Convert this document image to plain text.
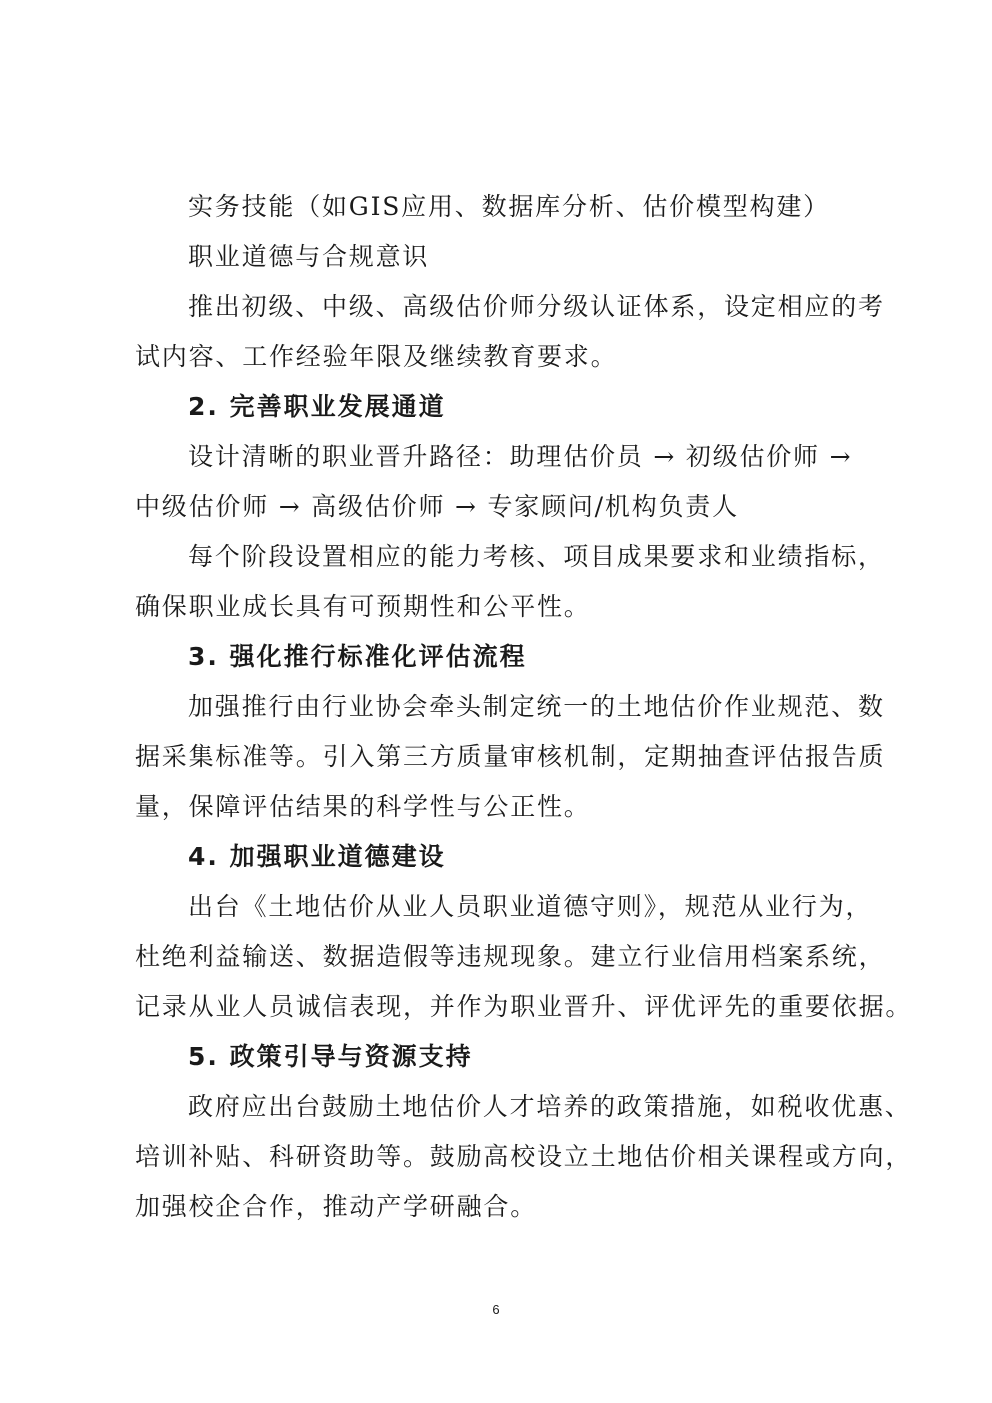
实务技能（如GIS应用、数据库分析、估价模型构建）
职业道德与合规意识
推出初级、中级、高级估价师分级认证体系，设定相应的考
试内容、工作经验年限及继续教育要求。
2. 完善职业发展通道
设计清晰的职业晋升路径：助理估价员 → 初级估价师 →
中级估价师 → 高级估价师 → 专家顾问/机构负责人
每个阶段设置相应的能力考核、项目成果要求和业绩指标，
确保职业成长具有可预期性和公平性。
3. 强化推行标准化评估流程
加强推行由行业协会牵头制定统一的土地估价作业规范、数
据采集标准等。引入第三方质量审核机制，定期抽查评估报告质
量，保障评估结果的科学性与公正性。
4. 加强职业道德建设
出台《土地估价从业人员职业道德守则》，规范从业行为，
杜绝利益输送、数据造假等违规现象。建立行业信用档案系统，
记录从业人员诚信表现，并作为职业晋升、评优评先的重要依据。
5. 政策引导与资源支持
政府应出台鼓励土地估价人才培养的政策措施，如税收优惠、
培训补贴、科研资助等。鼓励高校设立土地估价相关课程或方向，
加强校企合作，推动产学研融合。
6
